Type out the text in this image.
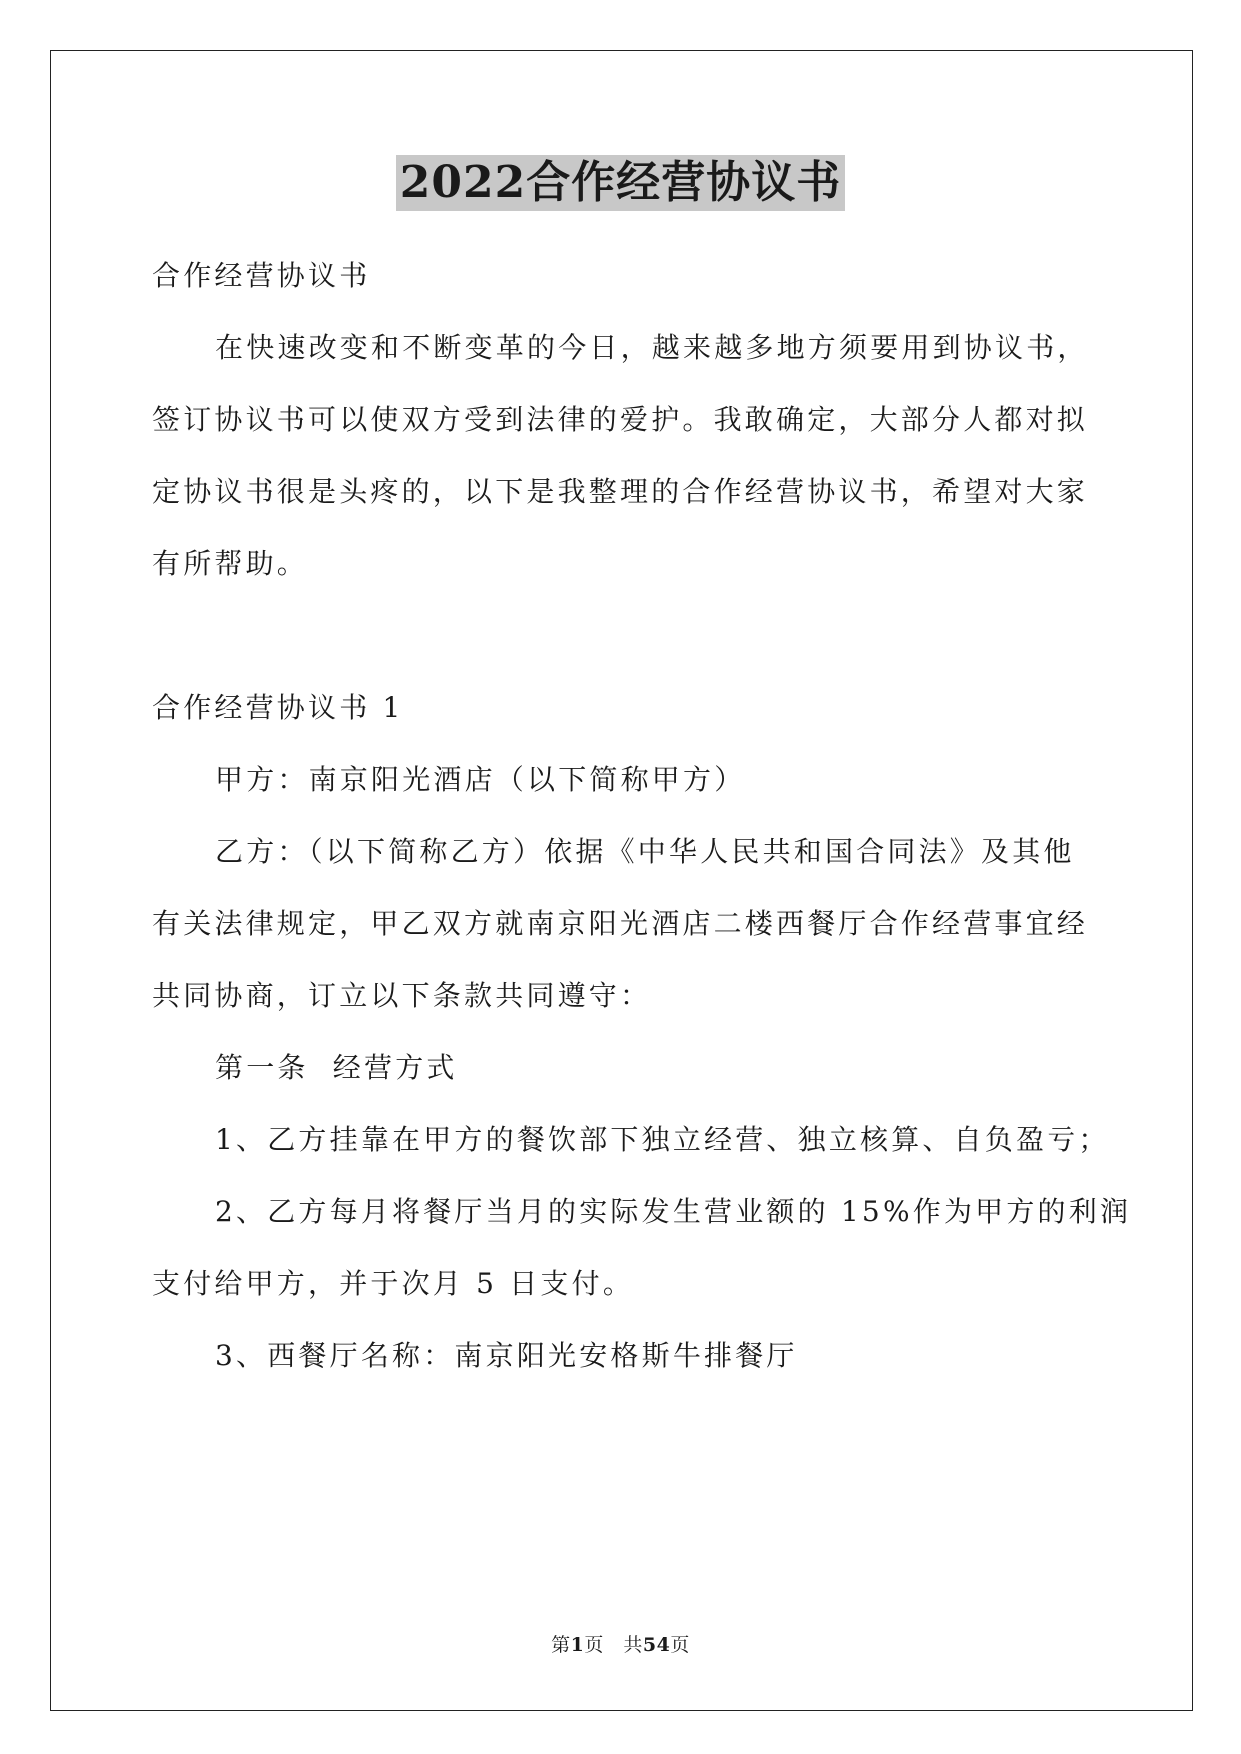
2022合作经营协议书

合作经营协议书

在快速改变和不断变革的今日，越来越多地方须要用到协议书，

签订协议书可以使双方受到法律的爱护。我敢确定，大部分人都对拟

定协议书很是头疼的，以下是我整理的合作经营协议书，希望对大家

有所帮助。

合作经营协议书 1

甲方：南京阳光酒店（以下简称甲方）

乙方：（以下简称乙方）依据《中华人民共和国合同法》及其他

有关法律规定，甲乙双方就南京阳光酒店二楼西餐厅合作经营事宜经

共同协商，订立以下条款共同遵守：

第一条  经营方式

1、乙方挂靠在甲方的餐饮部下独立经营、独立核算、自负盈亏；

2、乙方每月将餐厅当月的实际发生营业额的 15%作为甲方的利润

支付给甲方，并于次月 5 日支付。

3、西餐厅名称：南京阳光安格斯牛排餐厅

第1页　共54页
